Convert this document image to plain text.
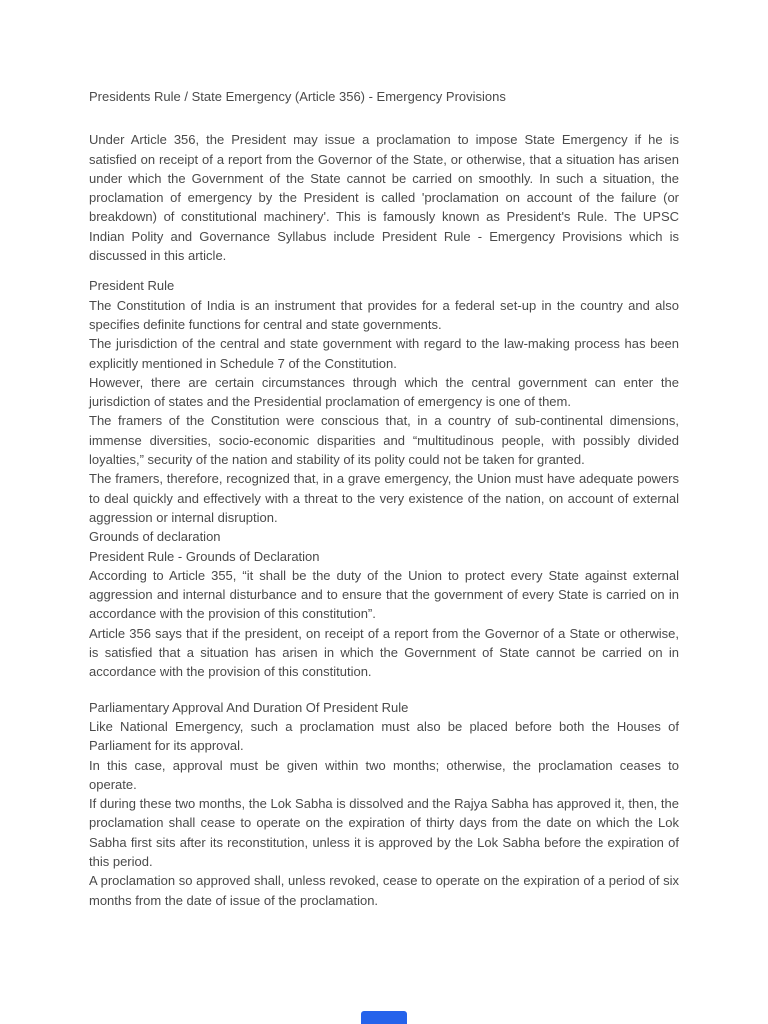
Presidents Rule / State Emergency (Article 356) - Emergency Provisions

Under Article 356, the President may issue a proclamation to impose State Emergency if he is satisfied on receipt of a report from the Governor of the State, or otherwise, that a situation has arisen under which the Government of the State cannot be carried on smoothly. In such a situation, the proclamation of emergency by the President is called 'proclamation on account of the failure (or breakdown) of constitutional machinery'. This is famously known as President's Rule. The UPSC Indian Polity and Governance Syllabus include President Rule - Emergency Provisions which is discussed in this article.

President Rule

The Constitution of India is an instrument that provides for a federal set-up in the country and also specifies definite functions for central and state governments.

The jurisdiction of the central and state government with regard to the law-making process has been explicitly mentioned in Schedule 7 of the Constitution.

However, there are certain circumstances through which the central government can enter the jurisdiction of states and the Presidential proclamation of emergency is one of them.

The framers of the Constitution were conscious that, in a country of sub-continental dimensions, immense diversities, socio-economic disparities and “multitudinous people, with possibly divided loyalties,” security of the nation and stability of its polity could not be taken for granted.

The framers, therefore, recognized that, in a grave emergency, the Union must have adequate powers to deal quickly and effectively with a threat to the very existence of the nation, on account of external aggression or internal disruption.

Grounds of declaration

President Rule - Grounds of Declaration

According to Article 355, “it shall be the duty of the Union to protect every State against external aggression and internal disturbance and to ensure that the government of every State is carried on in accordance with the provision of this constitution”.

Article 356 says that if the president, on receipt of a report from the Governor of a State or otherwise, is satisfied that a situation has arisen in which the Government of State cannot be carried on in accordance with the provision of this constitution.

Parliamentary Approval And Duration Of President Rule

Like National Emergency, such a proclamation must also be placed before both the Houses of Parliament for its approval.

In this case, approval must be given within two months; otherwise, the proclamation ceases to operate.

If during these two months, the Lok Sabha is dissolved and the Rajya Sabha has approved it, then, the proclamation shall cease to operate on the expiration of thirty days from the date on which the Lok Sabha first sits after its reconstitution, unless it is approved by the Lok Sabha before the expiration of this period.

A proclamation so approved shall, unless revoked, cease to operate on the expiration of a period of six months from the date of issue of the proclamation.
